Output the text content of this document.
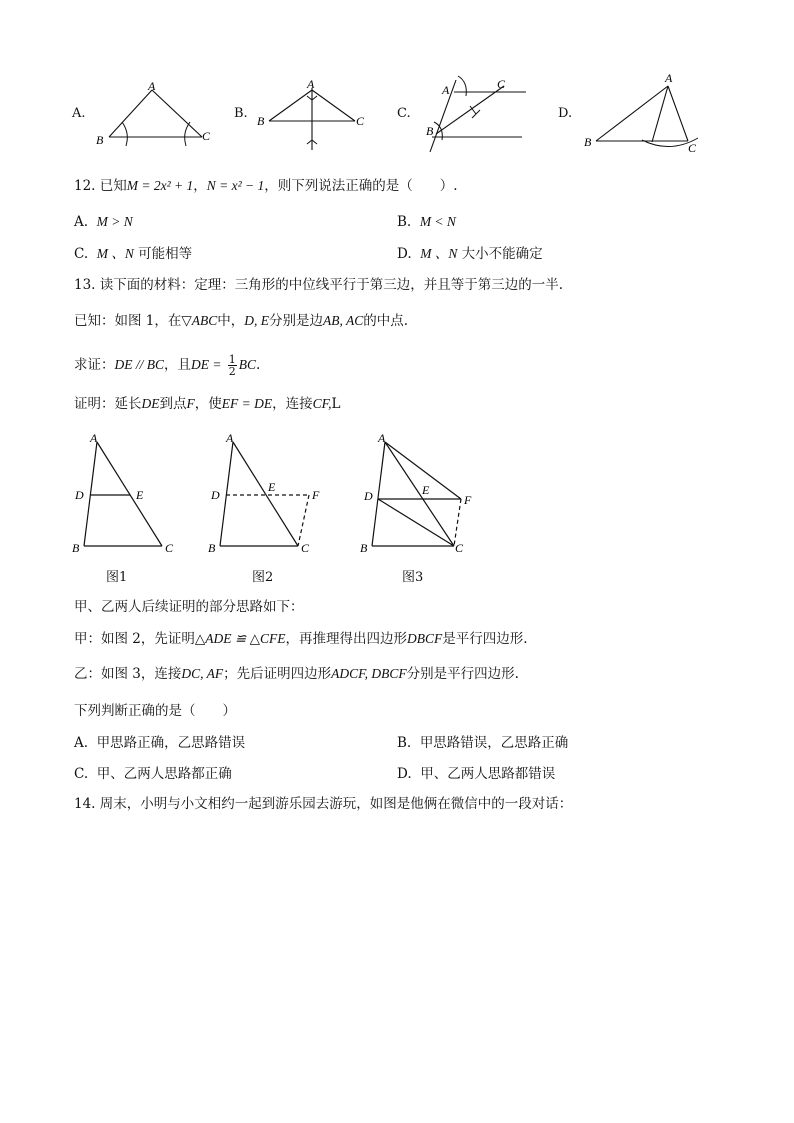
A.
A
B	C
B.
A
B	C	C.
A
B
C
D.
A
B	C
12. 已知M = 2x² + 1，N = x² − 1，则下列说法正确的是（　　）.
A. M > N	B. M < N
C. M 、N 可能相等	D. M 、N 大小不能确定
13. 读下面的材料：定理：三角形的中位线平行于第三边，并且等于第三边的一半.
已知：如图 1，在▽ABC中，D, E分别是边AB, AC的中点.
求证：DE // BC，且DE = $\frac{1}{2}$ BC.
证明：延长DE到点F，使EF = DE，连接CF,L
A
B	C
D	E
图1
A
B	C
D
E
F
图2
A
B	C
D	E
F
图3
甲、乙两人后续证明的部分思路如下：
甲：如图 2，先证明△ADE ≌ △CFE，再推理得出四边形DBCF是平行四边形.
乙：如图 3，连接DC, AF；先后证明四边形ADCF, DBCF分别是平行四边形.
下列判断正确的是（　　）
A. 甲思路正确，乙思路错误	B. 甲思路错误，乙思路正确
C. 甲、乙两人思路都正确	D. 甲、乙两人思路都错误
14. 周末，小明与小文相约一起到游乐园去游玩，如图是他俩在微信中的一段对话：
